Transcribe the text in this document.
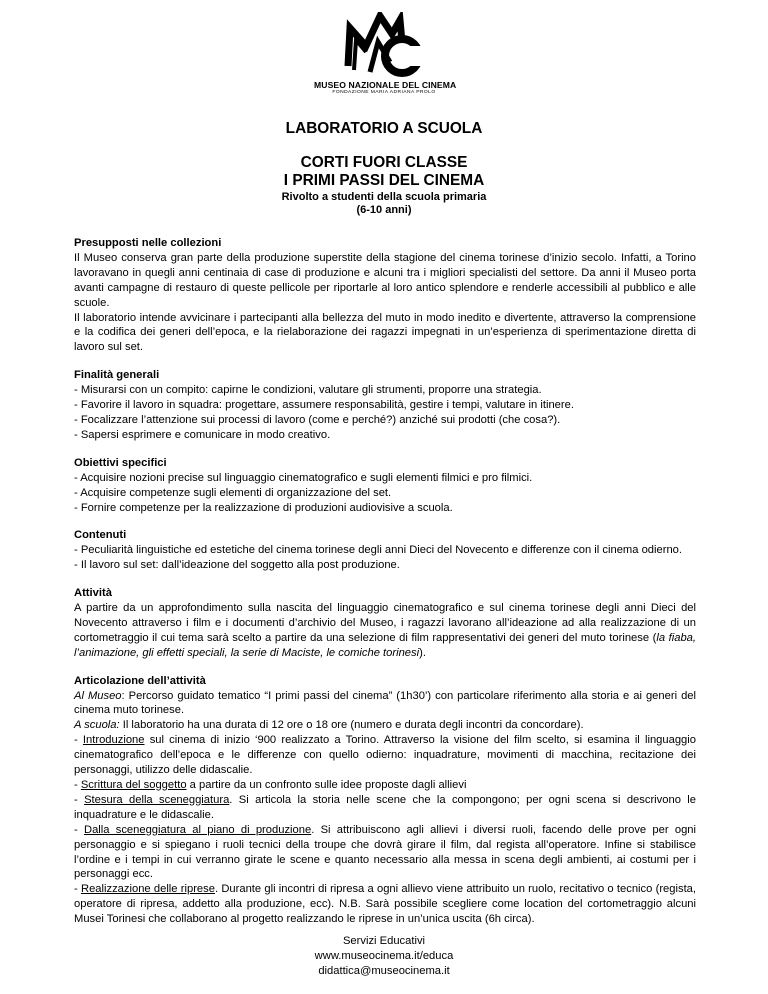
MUSEO NAZIONALE DEL CINEMA
FONDAZIONE MARIA ADRIANA PROLO
LABORATORIO A SCUOLA
CORTI FUORI CLASSE
I PRIMI PASSI DEL CINEMA
Rivolto a studenti della scuola primaria
(6-10 anni)
Presupposti nelle collezioni

Il Museo conserva gran parte della produzione superstite della stagione del cinema torinese d’inizio secolo. Infatti, a Torino lavoravano in quegli anni centinaia di case di produzione e alcuni tra i migliori specialisti del settore. Da anni il Museo porta avanti campagne di restauro di queste pellicole per riportarle al loro antico splendore e renderle accessibili al pubblico e alle scuole.

Il laboratorio intende avvicinare i partecipanti alla bellezza del muto in modo inedito e divertente, attraverso la comprensione e la codifica dei generi dell’epoca, e la rielaborazione dei ragazzi impegnati in un’esperienza di sperimentazione diretta di lavoro sul set.

Finalità generali

- Misurarsi con un compito: capirne le condizioni, valutare gli strumenti, proporre una strategia.

- Favorire il lavoro in squadra: progettare, assumere responsabilità, gestire i tempi, valutare in itinere.

- Focalizzare l’attenzione sui processi di lavoro (come e perché?) anziché sui prodotti (che cosa?).

- Sapersi esprimere e comunicare in modo creativo.

Obiettivi specifici

- Acquisire nozioni precise sul linguaggio cinematografico e sugli elementi filmici e pro filmici.

- Acquisire competenze sugli elementi di organizzazione del set.

- Fornire competenze per la realizzazione di produzioni audiovisive a scuola.

Contenuti

- Peculiarità linguistiche ed estetiche del cinema torinese degli anni Dieci del Novecento e differenze con il cinema odierno.

- Il lavoro sul set: dall’ideazione del soggetto alla post produzione.

Attività

A partire da un approfondimento sulla nascita del linguaggio cinematografico e sul cinema torinese degli anni Dieci del Novecento attraverso i film e i documenti d’archivio del Museo, i ragazzi lavorano all’ideazione ad alla realizzazione di un cortometraggio il cui tema sarà scelto a partire da una selezione di film rappresentativi dei generi del muto torinese (la fiaba, l’animazione, gli effetti speciali, la serie di Maciste, le comiche torinesi).

Articolazione dell’attività

Al Museo: Percorso guidato tematico “I primi passi del cinema” (1h30’) con particolare riferimento alla storia e ai generi del cinema muto torinese.

A scuola: Il laboratorio ha una durata di 12 ore o 18 ore (numero e durata degli incontri da concordare).

- Introduzione sul cinema di inizio ‘900 realizzato a Torino. Attraverso la visione del film scelto, si esamina il linguaggio cinematografico dell’epoca e le differenze con quello odierno: inquadrature, movimenti di macchina, recitazione dei personaggi, utilizzo delle didascalie.

- Scrittura del soggetto a partire da un confronto sulle idee proposte dagli allievi

- Stesura della sceneggiatura. Si articola la storia nelle scene che la compongono; per ogni scena si descrivono le inquadrature e le didascalie.

- Dalla sceneggiatura al piano di produzione. Si attribuiscono agli allievi i diversi ruoli, facendo delle prove per ogni personaggio e si spiegano i ruoli tecnici della troupe che dovrà girare il film, dal regista all’operatore. Infine si stabilisce l’ordine e i tempi in cui verranno girate le scene e quanto necessario alla messa in scena degli ambienti, ai costumi per i personaggi ecc.

- Realizzazione delle riprese. Durante gli incontri di ripresa a ogni allievo viene attribuito un ruolo, recitativo o tecnico (regista, operatore di ripresa, addetto alla produzione, ecc). N.B. Sarà possibile scegliere come location del cortometraggio alcuni Musei Torinesi che collaborano al progetto realizzando le riprese in un’unica uscita (6h circa).

Servizi Educativi
www.museocinema.it/educa
didattica@museocinema.it
